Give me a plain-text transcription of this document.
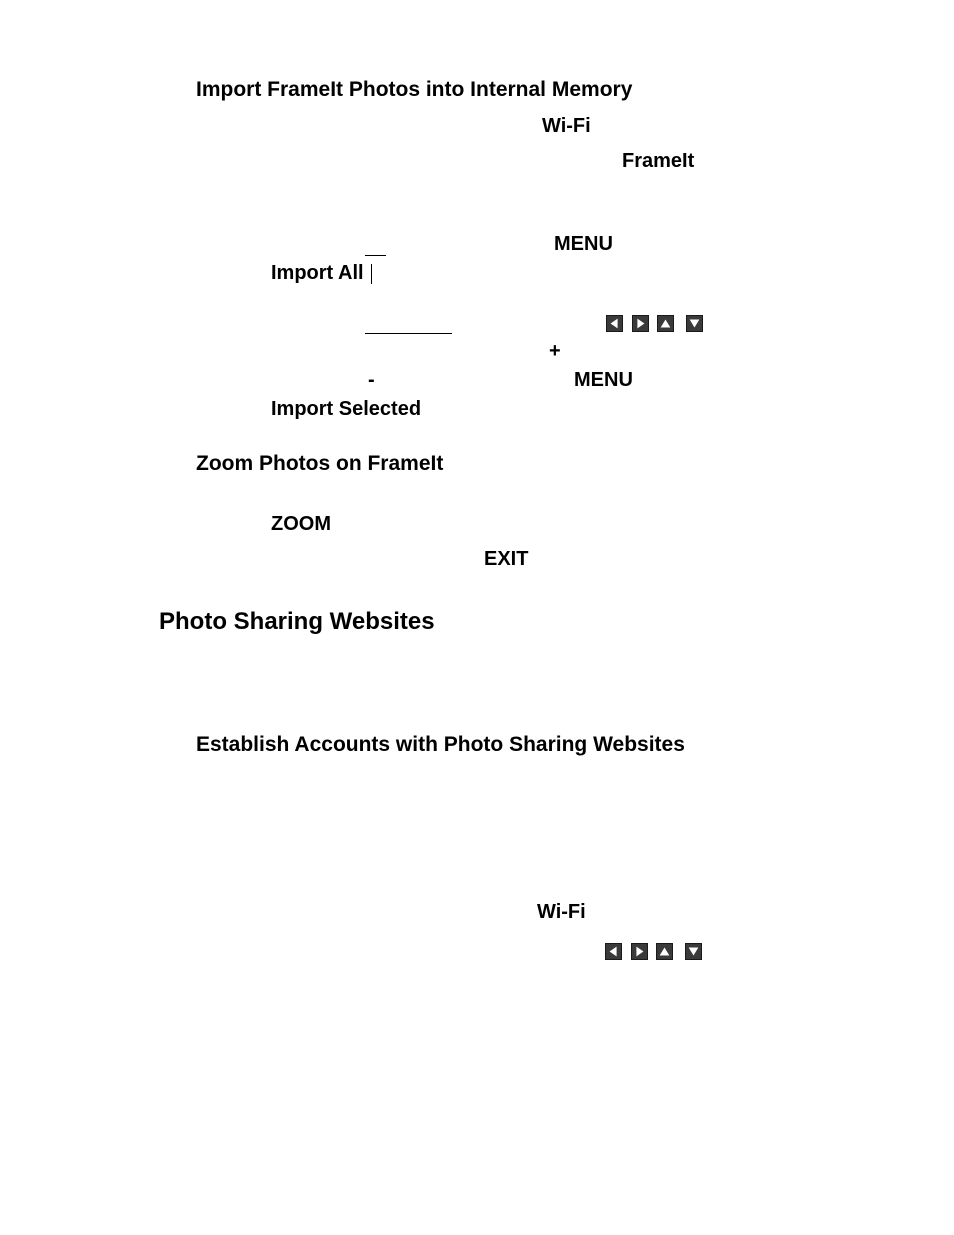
Import FrameIt Photos into Internal Memory
Wi-Fi
FrameIt
MENU
Import All
+
-	MENU
Import Selected
Zoom Photos on FrameIt
ZOOM
EXIT
Photo Sharing Websites
Establish Accounts with Photo Sharing Websites
Wi-Fi
